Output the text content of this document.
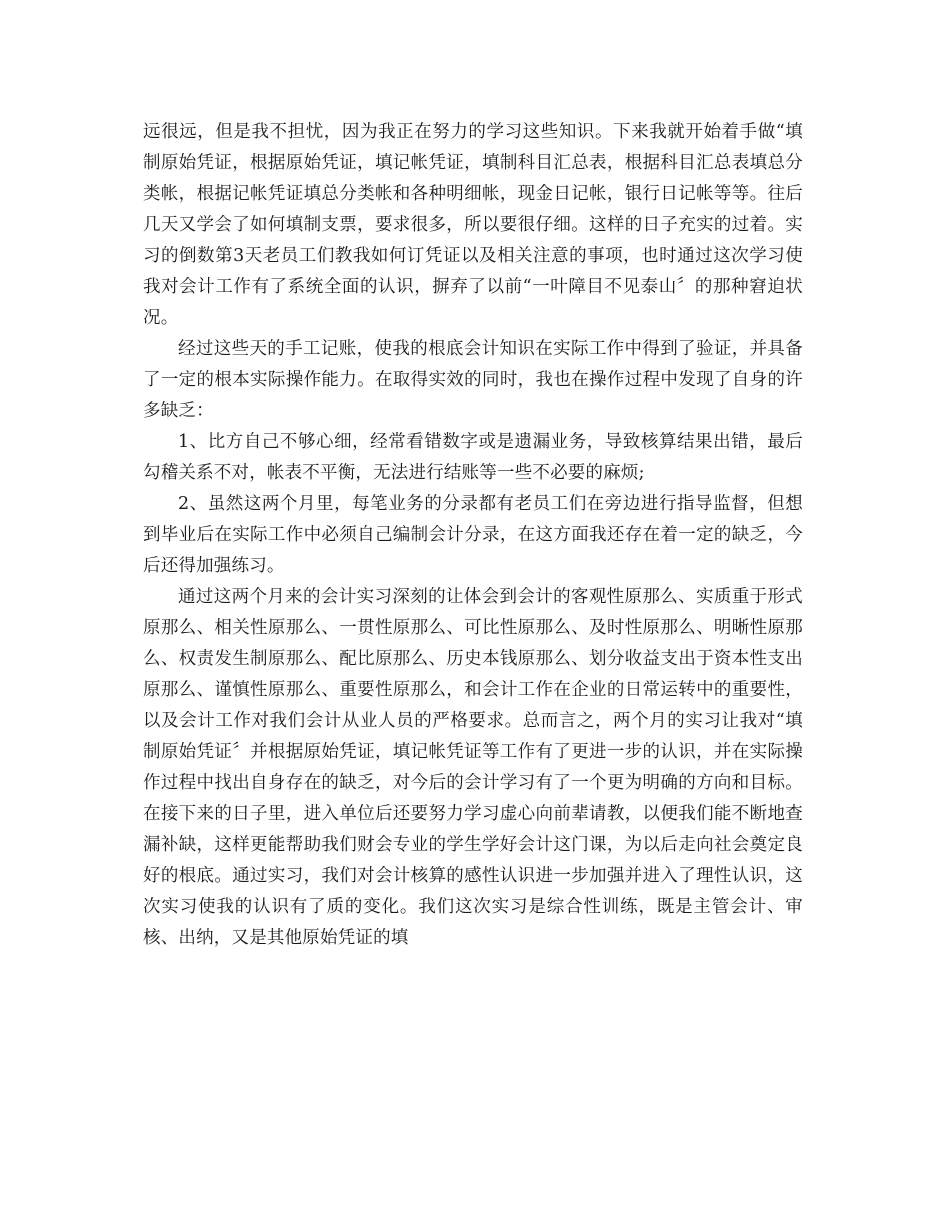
远很远，但是我不担忧，因为我正在努力的学习这些知识。下来我就开始着手做“填制原始凭证，根据原始凭证，填记帐凭证，填制科目汇总表，根据科目汇总表填总分类帐，根据记帐凭证填总分类帐和各种明细帐，现金日记帐，银行日记帐等等。往后几天又学会了如何填制支票，要求很多，所以要很仔细。这样的日子充实的过着。实习的倒数第3天老员工们教我如何订凭证以及相关注意的事项，也时通过这次学习使我对会计工作有了系统全面的认识，摒弃了以前“一叶障目不见泰山〞的那种窘迫状况。

经过这些天的手工记账，使我的根底会计知识在实际工作中得到了验证，并具备了一定的根本实际操作能力。在取得实效的同时，我也在操作过程中发现了自身的许多缺乏：

1、比方自己不够心细，经常看错数字或是遗漏业务，导致核算结果出错，最后勾稽关系不对，帐表不平衡，无法进行结账等一些不必要的麻烦;

2、虽然这两个月里，每笔业务的分录都有老员工们在旁边进行指导监督，但想到毕业后在实际工作中必须自己编制会计分录，在这方面我还存在着一定的缺乏，今后还得加强练习。

通过这两个月来的会计实习深刻的让体会到会计的客观性原那么、实质重于形式原那么、相关性原那么、一贯性原那么、可比性原那么、及时性原那么、明晰性原那么、权责发生制原那么、配比原那么、历史本钱原那么、划分收益支出于资本性支出原那么、谨慎性原那么、重要性原那么，和会计工作在企业的日常运转中的重要性，以及会计工作对我们会计从业人员的严格要求。总而言之，两个月的实习让我对“填制原始凭证〞并根据原始凭证，填记帐凭证等工作有了更进一步的认识，并在实际操作过程中找出自身存在的缺乏，对今后的会计学习有了一个更为明确的方向和目标。在接下来的日子里，进入单位后还要努力学习虚心向前辈请教，以便我们能不断地查漏补缺，这样更能帮助我们财会专业的学生学好会计这门课，为以后走向社会奠定良好的根底。通过实习，我们对会计核算的感性认识进一步加强并进入了理性认识，这次实习使我的认识有了质的变化。我们这次实习是综合性训练，既是主管会计、审核、出纳，又是其他原始凭证的填
